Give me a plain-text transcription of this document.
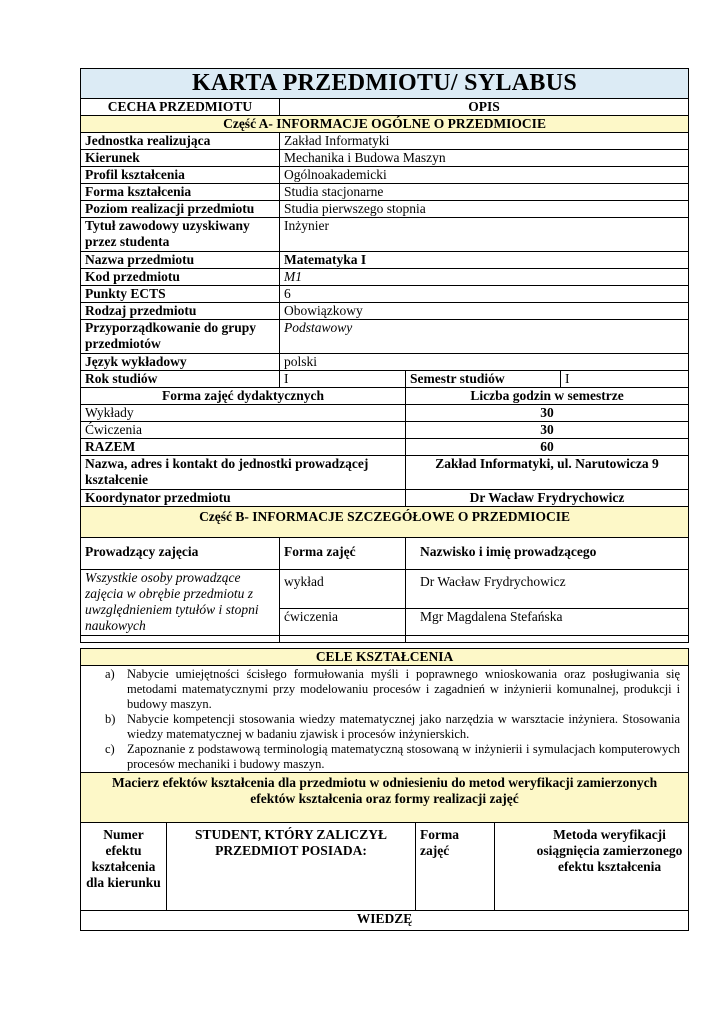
KARTA PRZEDMIOTU/ SYLABUS			
CECHA PRZEDMIOTU	OPIS		
Część A- INFORMACJE OGÓLNE O PRZEDMIOCIE			
Jednostka realizująca	Zakład Informatyki		
Kierunek	Mechanika i Budowa Maszyn		
Profil kształcenia	Ogólnoakademicki		
Forma kształcenia	Studia stacjonarne		
Poziom realizacji przedmiotu	Studia pierwszego stopnia		
Tytuł zawodowy uzyskiwany przez studenta	Inżynier		
Nazwa przedmiotu	Matematyka I		
Kod przedmiotu	M1		
Punkty ECTS	6		
Rodzaj przedmiotu	Obowiązkowy		
Przyporządkowanie do grupy przedmiotów	Podstawowy		
Język wykładowy	polski		
Rok studiów	I	Semestr studiów	I
Forma zajęć dydaktycznych		Liczba godzin w semestrze	
Wykłady		30	
Ćwiczenia		30	
RAZEM		60	
Nazwa, adres i kontakt do jednostki prowadzącej kształcenie		Zakład Informatyki, ul. Narutowicza 9	
Koordynator przedmiotu		Dr Wacław Frydrychowicz	
Część B- INFORMACJE SZCZEGÓŁOWE O PRZEDMIOCIE			
Prowadzący zajęcia	Forma zajęć	Nazwisko i imię prowadzącego	
Wszystkie osoby prowadzące zajęcia w obrębie przedmiotu z uwzględnieniem tytułów i stopni naukowych	wykład	Dr Wacław Frydrychowicz	

	ćwiczenia	Mgr Magdalena Stefańska
CELE KSZTAŁCENIA

a) Nabycie umiejętności ścisłego formułowania myśli i poprawnego wnioskowania oraz posługiwania się metodami matematycznymi przy modelowaniu procesów i zagadnień w inżynierii komunalnej, produkcji i budowy maszyn.
b) Nabycie kompetencji stosowania wiedzy matematycznej jako narzędzia w warsztacie inżyniera. Stosowania wiedzy matematycznej w badaniu zjawisk i procesów inżynierskich.
c) Zapoznanie z podstawową terminologią matematyczną stosowaną w inżynierii i symulacjach komputerowych procesów mechaniki i budowy maszyn.

Macierz efektów kształcenia dla przedmiotu w odniesieniu do metod weryfikacji zamierzonych efektów kształcenia oraz formy realizacji zajęć
Numer efektu kształcenia dla kierunku	STUDENT, KTÓRY ZALICZYŁ PRZEDMIOT POSIADA:	Forma zajęć	Metoda weryfikacji osiągnięcia zamierzonego efektu kształcenia
WIEDZĘ
